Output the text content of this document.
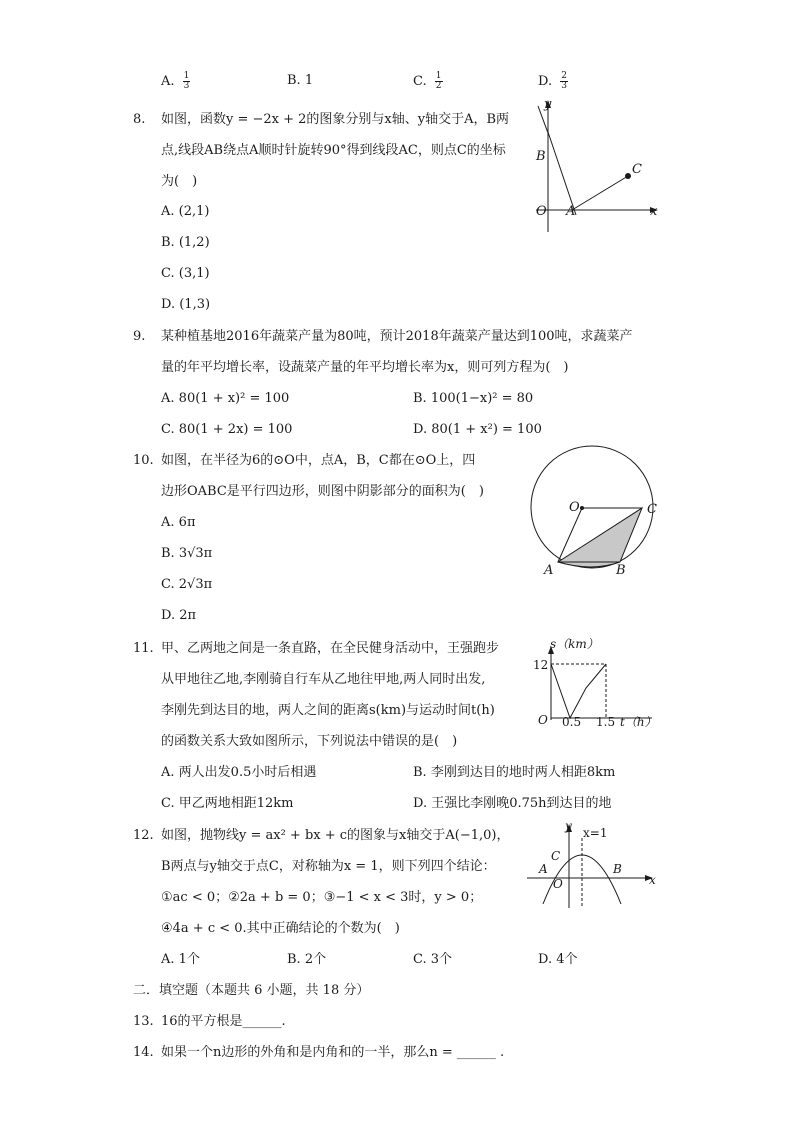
A. 1
3	B. 1	C. 1
2	D. 2
3
8. 如图，函数y = −2x + 2的图象分别与x轴、y轴交于A，B两
点,线段AB绕点A顺时针旋转90°得到线段AC，则点C的坐标
为(　)
A. (2,1)
B. (1,2)
C. (3,1)
D. (1,3)
y
B
C
O A	x
9. 某种植基地2016年蔬菜产量为80吨，预计2018年蔬菜产量达到100吨，求蔬菜产
量的年平均增长率，设蔬菜产量的年平均增长率为x，则可列方程为(　)
A. 80(1 + x)² = 100	B. 100(1−x)² = 80
C. 80(1 + 2x) = 100	D. 80(1 + x²) = 100
10. 如图，在半径为6的⊙O中，点A，B，C都在⊙O上，四
边形OABC是平行四边形，则图中阴影部分的面积为(　)
A. 6π
B. 3√3π
C. 2√3π
D. 2π
O	C
A	B
11. 甲、乙两地之间是一条直路，在全民健身活动中，王强跑步
从甲地往乙地,李刚骑自行车从乙地往甲地,两人同时出发,
李刚先到达目的地，两人之间的距离s(km)与运动时间t(h)
的函数关系大致如图所示，下列说法中错误的是(　)
A. 两人出发0.5小时后相遇	B. 李刚到达目的地时两人相距8km
C. 甲乙两地相距12km	D. 王强比李刚晚0.75h到达目的地
s（km）
12
O 0.5 1.5 t（h）
12. 如图，抛物线y = ax² + bx + c的图象与x轴交于A(−1,0)，
B两点与y轴交于点C，对称轴为x = 1，则下列四个结论：
①ac < 0；②2a + b = 0；③−1 < x < 3时，y > 0；
④4a + c < 0.其中正确结论的个数为(　)
A. 1个	B. 2个	C. 3个	D. 4个
y x=1
C
A	B
O	x
二．填空题（本题共 6 小题，共 18 分）
13. 16的平方根是______.
14. 如果一个n边形的外角和是内角和的一半，那么n = ______ .
